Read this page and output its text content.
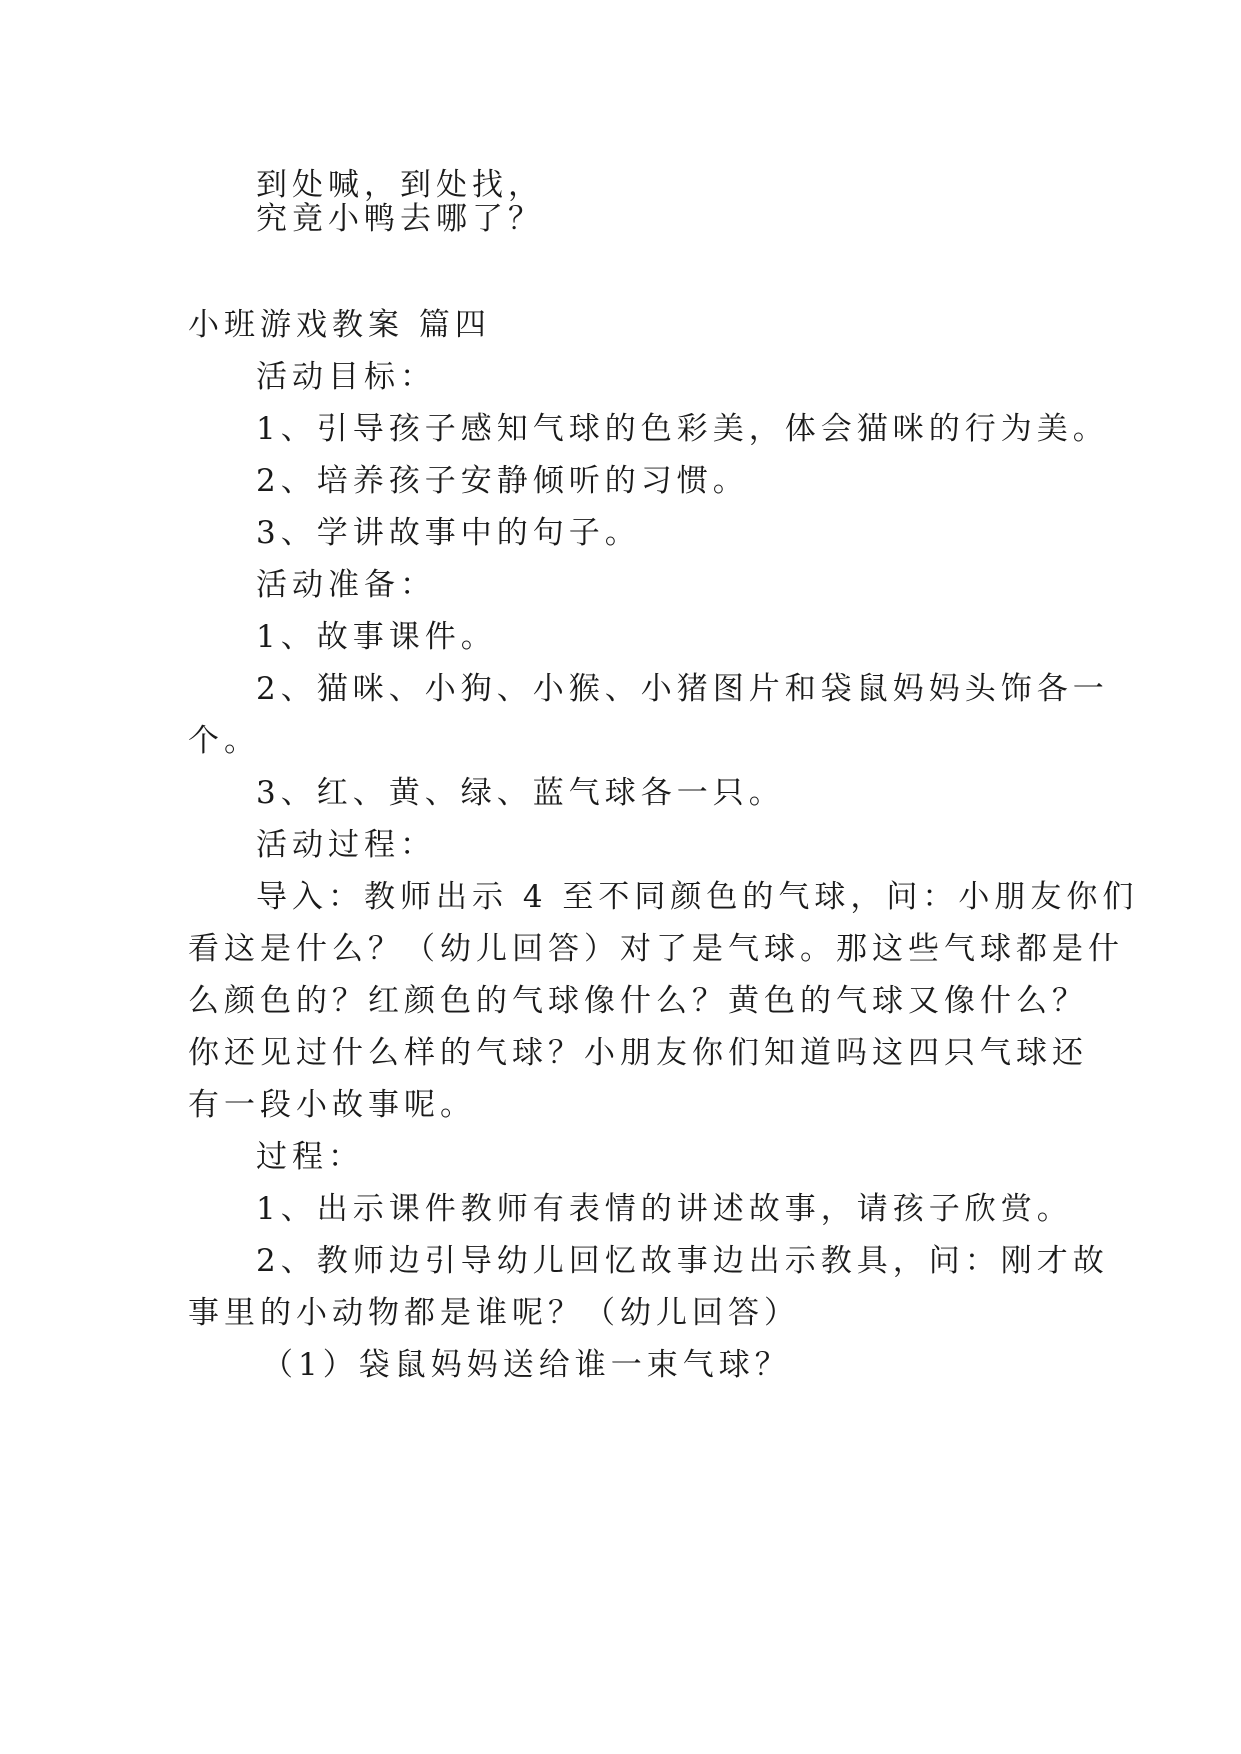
到处喊，到处找，
究竟小鸭去哪了？
小班游戏教案 篇四
活动目标：
1、引导孩子感知气球的色彩美，体会猫咪的行为美。
2、培养孩子安静倾听的习惯。
3、学讲故事中的句子。
活动准备：
1、故事课件。
2、猫咪、小狗、小猴、小猪图片和袋鼠妈妈头饰各一
个。
3、红、黄、绿、蓝气球各一只。
活动过程：
导入：教师出示 4 至不同颜色的气球，问：小朋友你们
看这是什么？（幼儿回答）对了是气球。那这些气球都是什
么颜色的？红颜色的气球像什么？黄色的气球又像什么？
你还见过什么样的气球？小朋友你们知道吗这四只气球还
有一段小故事呢。
过程：
1、出示课件教师有表情的讲述故事，请孩子欣赏。
2、教师边引导幼儿回忆故事边出示教具，问：刚才故
事里的小动物都是谁呢？（幼儿回答）
（1）袋鼠妈妈送给谁一束气球？
